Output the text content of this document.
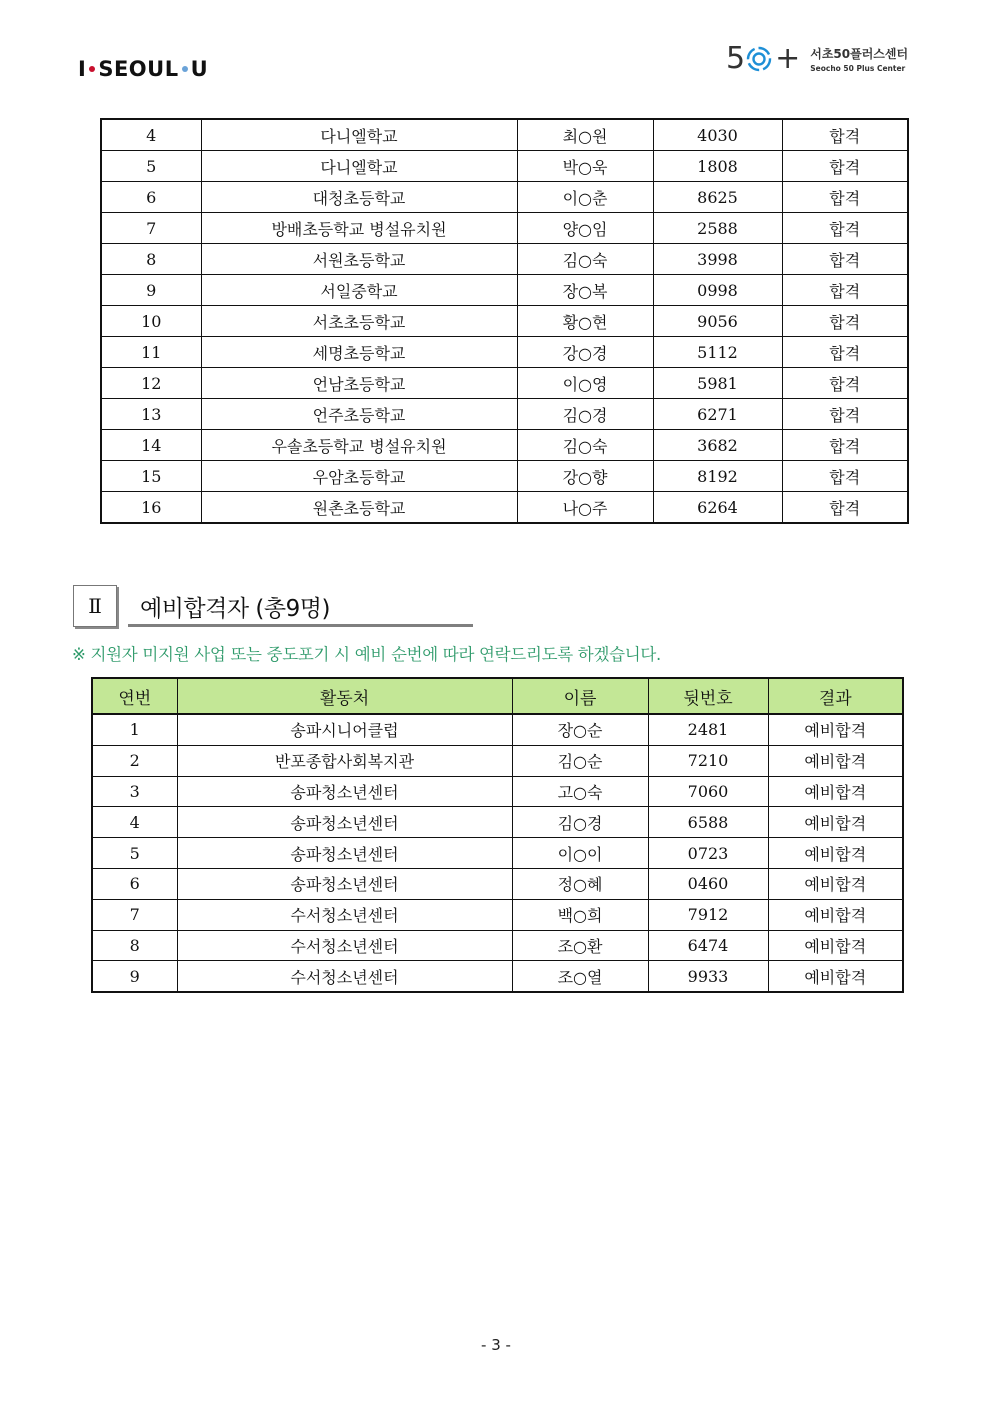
I SEOUL U	5 + 서초50플러스센터
Seocho 50 Plus Center
4	다니엘학교	최○원	4030	합격
5	다니엘학교	박○욱	1808	합격
6	대청초등학교	이○춘	8625	합격
7	방배초등학교 병설유치원	양○임	2588	합격
8	서원초등학교	김○숙	3998	합격
9	서일중학교	장○복	0998	합격
10	서초초등학교	황○현	9056	합격
11	세명초등학교	강○경	5112	합격
12	언남초등학교	이○영	5981	합격
13	언주초등학교	김○경	6271	합격
14	우솔초등학교 병설유치원	김○숙	3682	합격
15	우암초등학교	강○향	8192	합격
16	원촌초등학교	나○주	6264	합격
Ⅱ 예비합격자 (총9명)
※ 지원자 미지원 사업 또는 중도포기 시 예비 순번에 따라 연락드리도록 하겠습니다.
연번	활동처	이름	뒷번호	결과
1	송파시니어클럽	장○순	2481	예비합격
2	반포종합사회복지관	김○순	7210	예비합격
3	송파청소년센터	고○숙	7060	예비합격
4	송파청소년센터	김○경	6588	예비합격
5	송파청소년센터	이○이	0723	예비합격
6	송파청소년센터	정○혜	0460	예비합격
7	수서청소년센터	백○희	7912	예비합격
8	수서청소년센터	조○환	6474	예비합격
9	수서청소년센터	조○열	9933	예비합격
- 3 -
